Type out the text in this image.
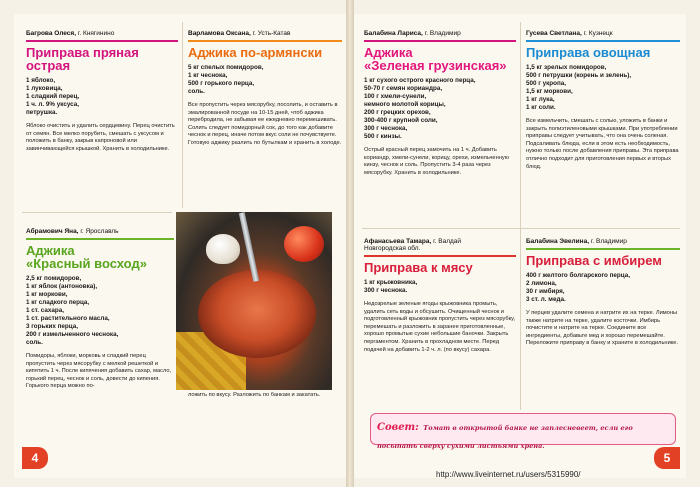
Багрова Олеся, г. Княгинино
Приправа пряная
острая
1 яблоко,
1 луковица,
1 сладкий перец,
1 ч. л. 9% уксуса,
петрушка.
Яблоко очистить и удалить сердцевину. Перец очистить от семян. Все мелко порубить, смешать с уксусом и положить в банку, закрыв капроновой или завинчивающейся крышкой. Хранить в холодильнике.
Варламова Оксана, г. Усть-Катав
Аджика по-армянски
5 кг спелых помидоров,
1 кг чеснока,
500 г горького перца,
соль.
Все пропустить через мясорубку, посолить, и оставить в эмалированной посуде на 10-15 дней, чтоб аджика перебродила, не забывая ее ежедневно перемешивать. Солить следует помидорный сок, до того как добавите чеснок и перец, иначе потом вкус соли не почувствуете. Готовую аджику разлить по бутылкам и хранить в холоде.
Абрамович Яна, г. Ярославль
Аджика
«Красный восход»
2,5 кг помидоров,
1 кг яблок (антоновка),
1 кг моркови,
1 кг сладкого перца,
1 ст. сахара,
1 ст. растительного масла,
3 горьких перца,
200 г измельченного чеснока,
соль.
Помидоры, яблоки, морковь и сладкий перец пропустить через мясорубку с мелкой решеткой и кипятить 1 ч. После кипячения добавить сахар, масло, горький перец, чеснок и соль, довести до кипения. Горького перца можно по-
ложить по вкусу. Разложить по банкам и закатать.
Балабина Лариса, г. Владимир
Аджика
«Зеленая грузинская»
1 кг сухого острого красного перца,
50-70 г семян кориандра,
100 г хмели-сунели,
немного молотой корицы,
200 г грецких орехов,
300-400 г крупной соли,
300 г чеснока,
500 г кинзы.
Острый красный перец замочить на 1 ч. Добавить кориандр, хмели-сунели, корицу, орехи, измельченную кинзу, чеснок и соль. Пропустить 3-4 раза через мясорубку. Хранить в холодильнике.
Гусева Светлана, г. Кузнецк
Приправа овощная
1,5 кг зрелых помидоров,
500 г петрушки (корень и зелень),
500 г укропа,
1,5 кг моркови,
1 кг лука,
1 кг соли.
Все измельчить, смешать с солью, уложить в банки и закрыть полиэтиленовыми крышками. При употреблении приправы следует учитывать, что она очень соленая. Подсаливать блюда, если в этом есть необходимость, нужно только после добавления приправы. Эта приправа отлично подходит для приготовления первых и вторых блюд.
Афанасьева Тамара, г. Валдай
Новгородская обл.
Приправа к мясу
1 кг крыжовника,
300 г чеснока.
Недозрелые зеленые ягоды крыжовника промыть, удалить сеть воды и обсушить. Очищенный чеснок и подготовленный крыжовник пропустить через мясорубку, перемешать и разложить в заранее приготовленные, хорошо промытые сухие небольшие баночки. Закрыть пергаментом. Хранить в прохладном месте. Перед подачей на добавить 1-2 ч. л. (по вкусу) сахара.
Балабина Эвелина, г. Владимир
Приправа с имбирем
400 г желтого болгарского перца,
2 лимона,
30 г имбиря,
3 ст. л. меда.
У перцев удалите семена и натрите их на терке. Лимоны также натрите на терке, удалите косточки. Имбирь почистите и натрите на терке. Соедините все ингредиенты, добавьте мед и хорошо перемешайте. Переложите приправу в банку и храните в холодильнике.
Совет: Томат в открытой банке не заплесневеет, если его посыпать сверху сухими листьями хрена.
4	5
http://www.liveinternet.ru/users/5315990/
